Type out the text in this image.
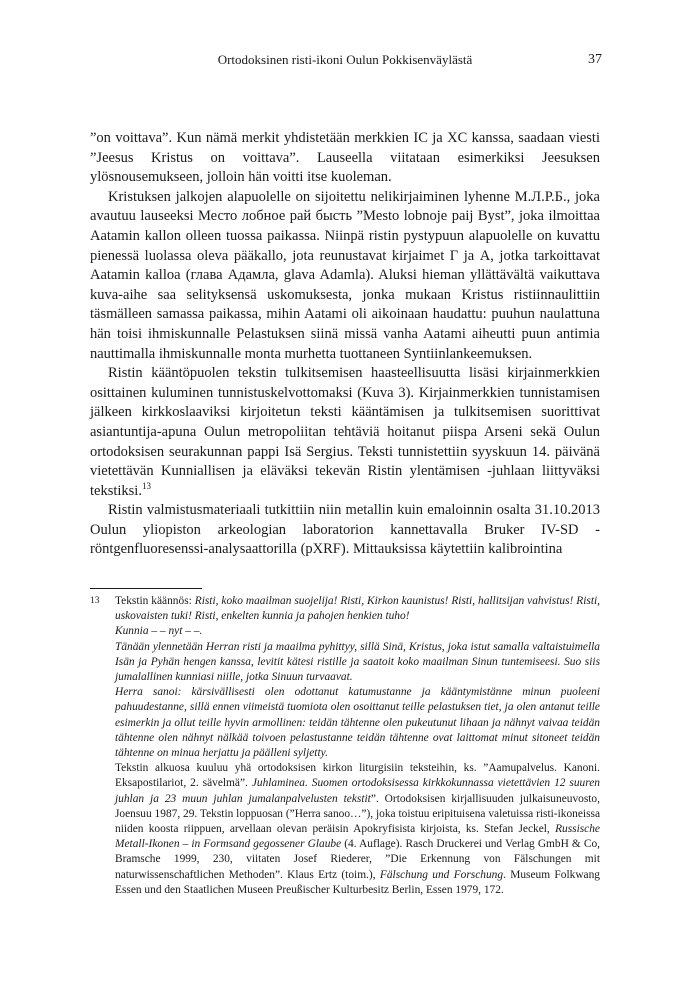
Ortodoksinen risti-ikoni Oulun Pokkisenväylästä	37

”on voittava”. Kun nämä merkit yhdistetään merkkien IC ja XC kanssa, saadaan viesti ”Jeesus Kristus on voittava”. Lauseella viitataan esimerkiksi Jeesuksen ylösnousemukseen, jolloin hän voitti itse kuoleman.

Kristuksen jalkojen alapuolelle on sijoitettu nelikirjaiminen lyhenne М.Л.Р.Б., joka avautuu lauseeksi Место лобное рай бысть ”Mesto lobnoje paij Byst”, joka ilmoittaa Aatamin kallon olleen tuossa paikassa. Niinpä ristin pystypuun alapuolelle on kuvattu pienessä luolassa oleva pääkallo, jota reunustavat kirjaimet Г ja А, jotka tarkoittavat Aatamin kalloa (глава Адамла, glava Adamla). Aluksi hieman yllättävältä vaikuttava kuva-aihe saa selityksensä uskomuksesta, jonka mukaan Kristus ristiinnaulittiin täsmälleen samassa paikassa, mihin Aatami oli aikoinaan haudattu: puuhun naulattuna hän toisi ihmiskunnalle Pelastuksen siinä missä vanha Aatami aiheutti puun antimia nauttimalla ihmiskunnalle monta murhetta tuottaneen Syntiinlankeemuksen.

Ristin kääntöpuolen tekstin tulkitsemisen haasteellisuutta lisäsi kirjainmerkkien osittainen kuluminen tunnistuskelvottomaksi (Kuva 3). Kirjainmerkkien tunnistamisen jälkeen kirkkoslaaviksi kirjoitetun teksti kääntämisen ja tulkitsemisen suorittivat asiantuntija-apuna Oulun metropoliitan tehtäviä hoitanut piispa Arseni sekä Oulun ortodoksisen seurakunnan pappi Isä Sergius. Teksti tunnistettiin syyskuun 14. päivänä vietettävän Kunniallisen ja eläväksi tekevän Ristin ylentämisen -juhlaan liittyväksi tekstiksi.$^{13}$

Ristin valmistusmateriaali tutkittiin niin metallin kuin emaloinnin osalta 31.10.2013 Oulun yliopiston arkeologian laboratorion kannettavalla Bruker IV-SD -röntgenfluoresenssi-analysaattorilla (pXRF). Mittauksissa käytettiin kalibrointina

13 Tekstin käännös: Risti, koko maailman suojelija! Risti, Kirkon kaunistus! Risti, hallitsijan vahvistus! Risti, uskovaisten tuki! Risti, enkelten kunnia ja pahojen henkien tuho!

Kunnia – – nyt – –.

Tänään ylennetään Herran risti ja maailma pyhittyy, sillä Sinä, Kristus, joka istut samalla valtaistuimella Isän ja Pyhän hengen kanssa, levitit kätesi ristille ja saatoit koko maailman Sinun tuntemiseesi. Suo siis jumalallinen kunniasi niille, jotka Sinuun turvaavat.

Herra sanoi: kärsivällisesti olen odottanut katumustanne ja kääntymistänne minun puoleeni pahuudestanne, sillä ennen viimeistä tuomiota olen osoittanut teille pelastuksen tiet, ja olen antanut teille esimerkin ja ollut teille hyvin armollinen: teidän tähtenne olen pukeutunut lihaan ja nähnyt vaivaa teidän tähtenne olen nähnyt nälkää toivoen pelastustanne teidän tähtenne ovat laittomat minut sitoneet teidän tähtenne on minua herjattu ja päälleni syljetty.

Tekstin alkuosa kuuluu yhä ortodoksisen kirkon liturgisiin teksteihin, ks. ”Aamupalvelus. Kanoni. Eksapostilariot, 2. sävelmä”. Juhlaminea. Suomen ortodoksisessa kirkkokunnassa vietettävien 12 suuren juhlan ja 23 muun juhlan jumalanpalvelusten tekstit”. Ortodoksisen kirjallisuuden julkaisuneuvosto, Joensuu 1987, 29. Tekstin loppuosan (”Herra sanoo…”), joka toistuu eripituisena valetuissa risti-ikoneissa niiden koosta riippuen, arvellaan olevan peräisin Apokryfisista kirjoista, ks. Stefan Jeckel, Russische Metall-Ikonen – in Formsand gegossener Glaube (4. Auflage). Rasch Druckerei und Verlag GmbH & Co, Bramsche 1999, 230, viitaten Josef Riederer, ”Die Erkennung von Fälschungen mit naturwissenschaftlichen Methoden”. Klaus Ertz (toim.), Fälschung und Forschung. Museum Folkwang Essen und den Staatlichen Museen Preußischer Kulturbesitz Berlin, Essen 1979, 172.
